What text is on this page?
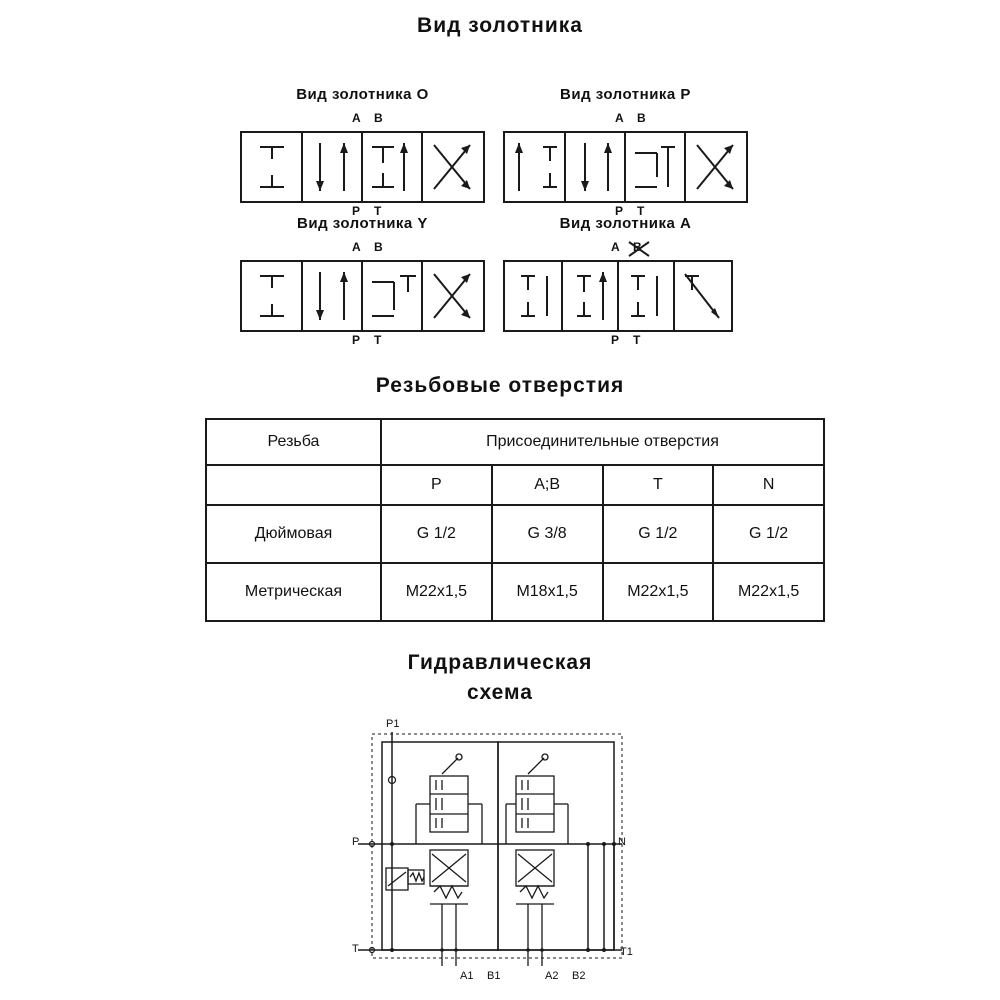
Вид золотника
Вид золотника O
A B
P T
Вид золотника P
A B
P T
Вид золотника Y
A B
P T
Вид золотника A
A B
P T
Резьбовые отверстия
Резьба	Присоединительные отверстия			
	P	A;B	T	N
Дюймовая	G 1/2	G 3/8	G 1/2	G 1/2
Метрическая	M22x1,5	M18x1,5	M22x1,5	M22x1,5
Гидравлическая
схема
P1
P	N
T	T1
A1 B1	A2 B2
